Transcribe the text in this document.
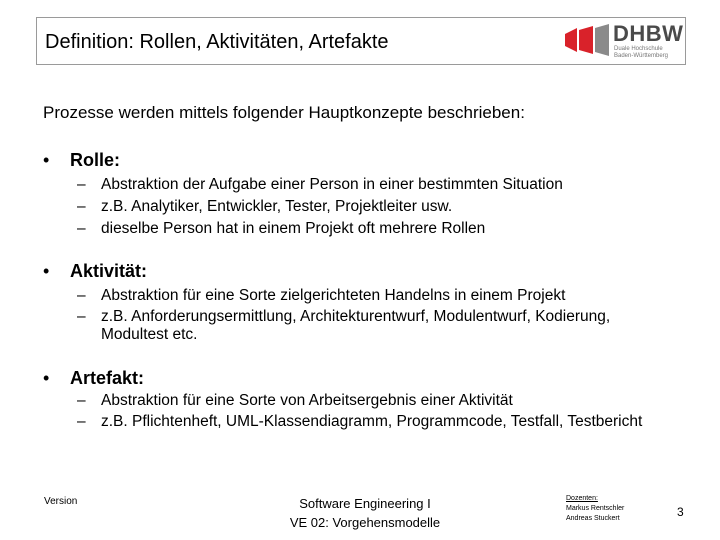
Definition: Rollen, Aktivitäten, Artefakte	DHBW
Duale Hochschule
Baden-Württemberg
Prozesse werden mittels folgender Hauptkonzepte beschrieben:
• Rolle:
– Abstraktion der Aufgabe einer Person in einer bestimmten Situation
– z.B. Analytiker, Entwickler, Tester, Projektleiter usw.
– dieselbe Person hat in einem Projekt oft mehrere Rollen
• Aktivität:
– Abstraktion für eine Sorte zielgerichteten Handelns in einem Projekt
– z.B. Anforderungsermittlung, Architekturentwurf, Modulentwurf, Kodierung, Modultest etc.
• Artefakt:
– Abstraktion für eine Sorte von Arbeitsergebnis einer Aktivität
– z.B. Pflichtenheft, UML-Klassendiagramm, Programmcode, Testfall, Testbericht
Version	Software Engineering I
VE 02: Vorgehensmodelle
Dozenten:
Markus Rentschler
Andreas Stuckert	3
